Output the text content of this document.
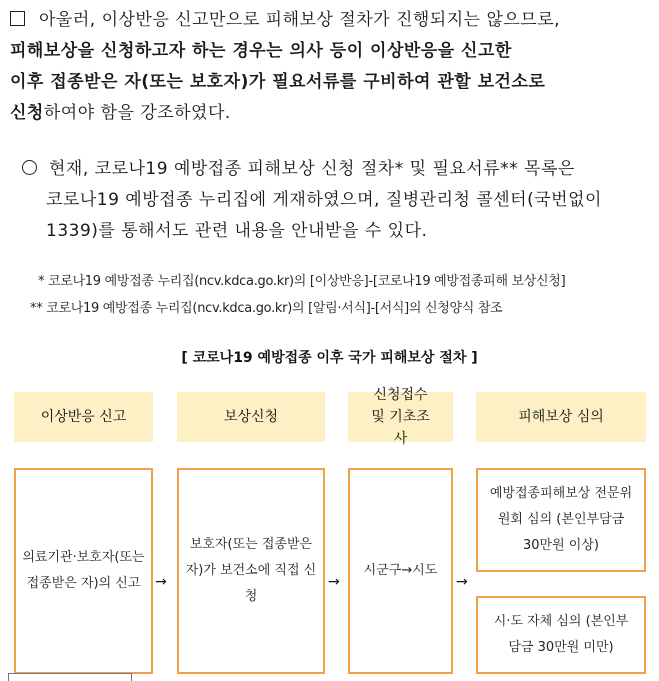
아울러, 이상반응 신고만으로 피해보상 절차가 진행되지는 않으므로,
피해보상을 신청하고자 하는 경우는 의사 등이 이상반응을 신고한
이후 접종받은 자(또는 보호자)가 필요서류를 구비하여 관할 보건소로
신청하여야 함을 강조하였다.
현재, 코로나19 예방접종 피해보상 신청 절차* 및 필요서류** 목록은
코로나19 예방접종 누리집에 게재하였으며, 질병관리청 콜센터(국번없이
1339)를 통해서도 관련 내용을 안내받을 수 있다.
* 코로나19 예방접종 누리집(ncv.kdca.go.kr)의 [이상반응]-[코로나19 예방접종피해 보상신청]
** 코로나19 예방접종 누리집(ncv.kdca.go.kr)의 [알림·서식]-[서식]의 신청양식 참조
[ 코로나19 예방접종 이후 국가 피해보상 절차 ]
이상반응 신고	보상신청
신청접수 및 기초조사
피해보상 심의
의료기관·보호자(또는 접종받은 자)의 신고	→
보호자(또는 접종받은 자)가 보건소에 직접 신청
→
시군구→시도
→
예방접종피해보상 전문위원회 심의 (본인부담금 30만원 이상)
시·도 자체 심의 (본인부담금 30만원 미만)
